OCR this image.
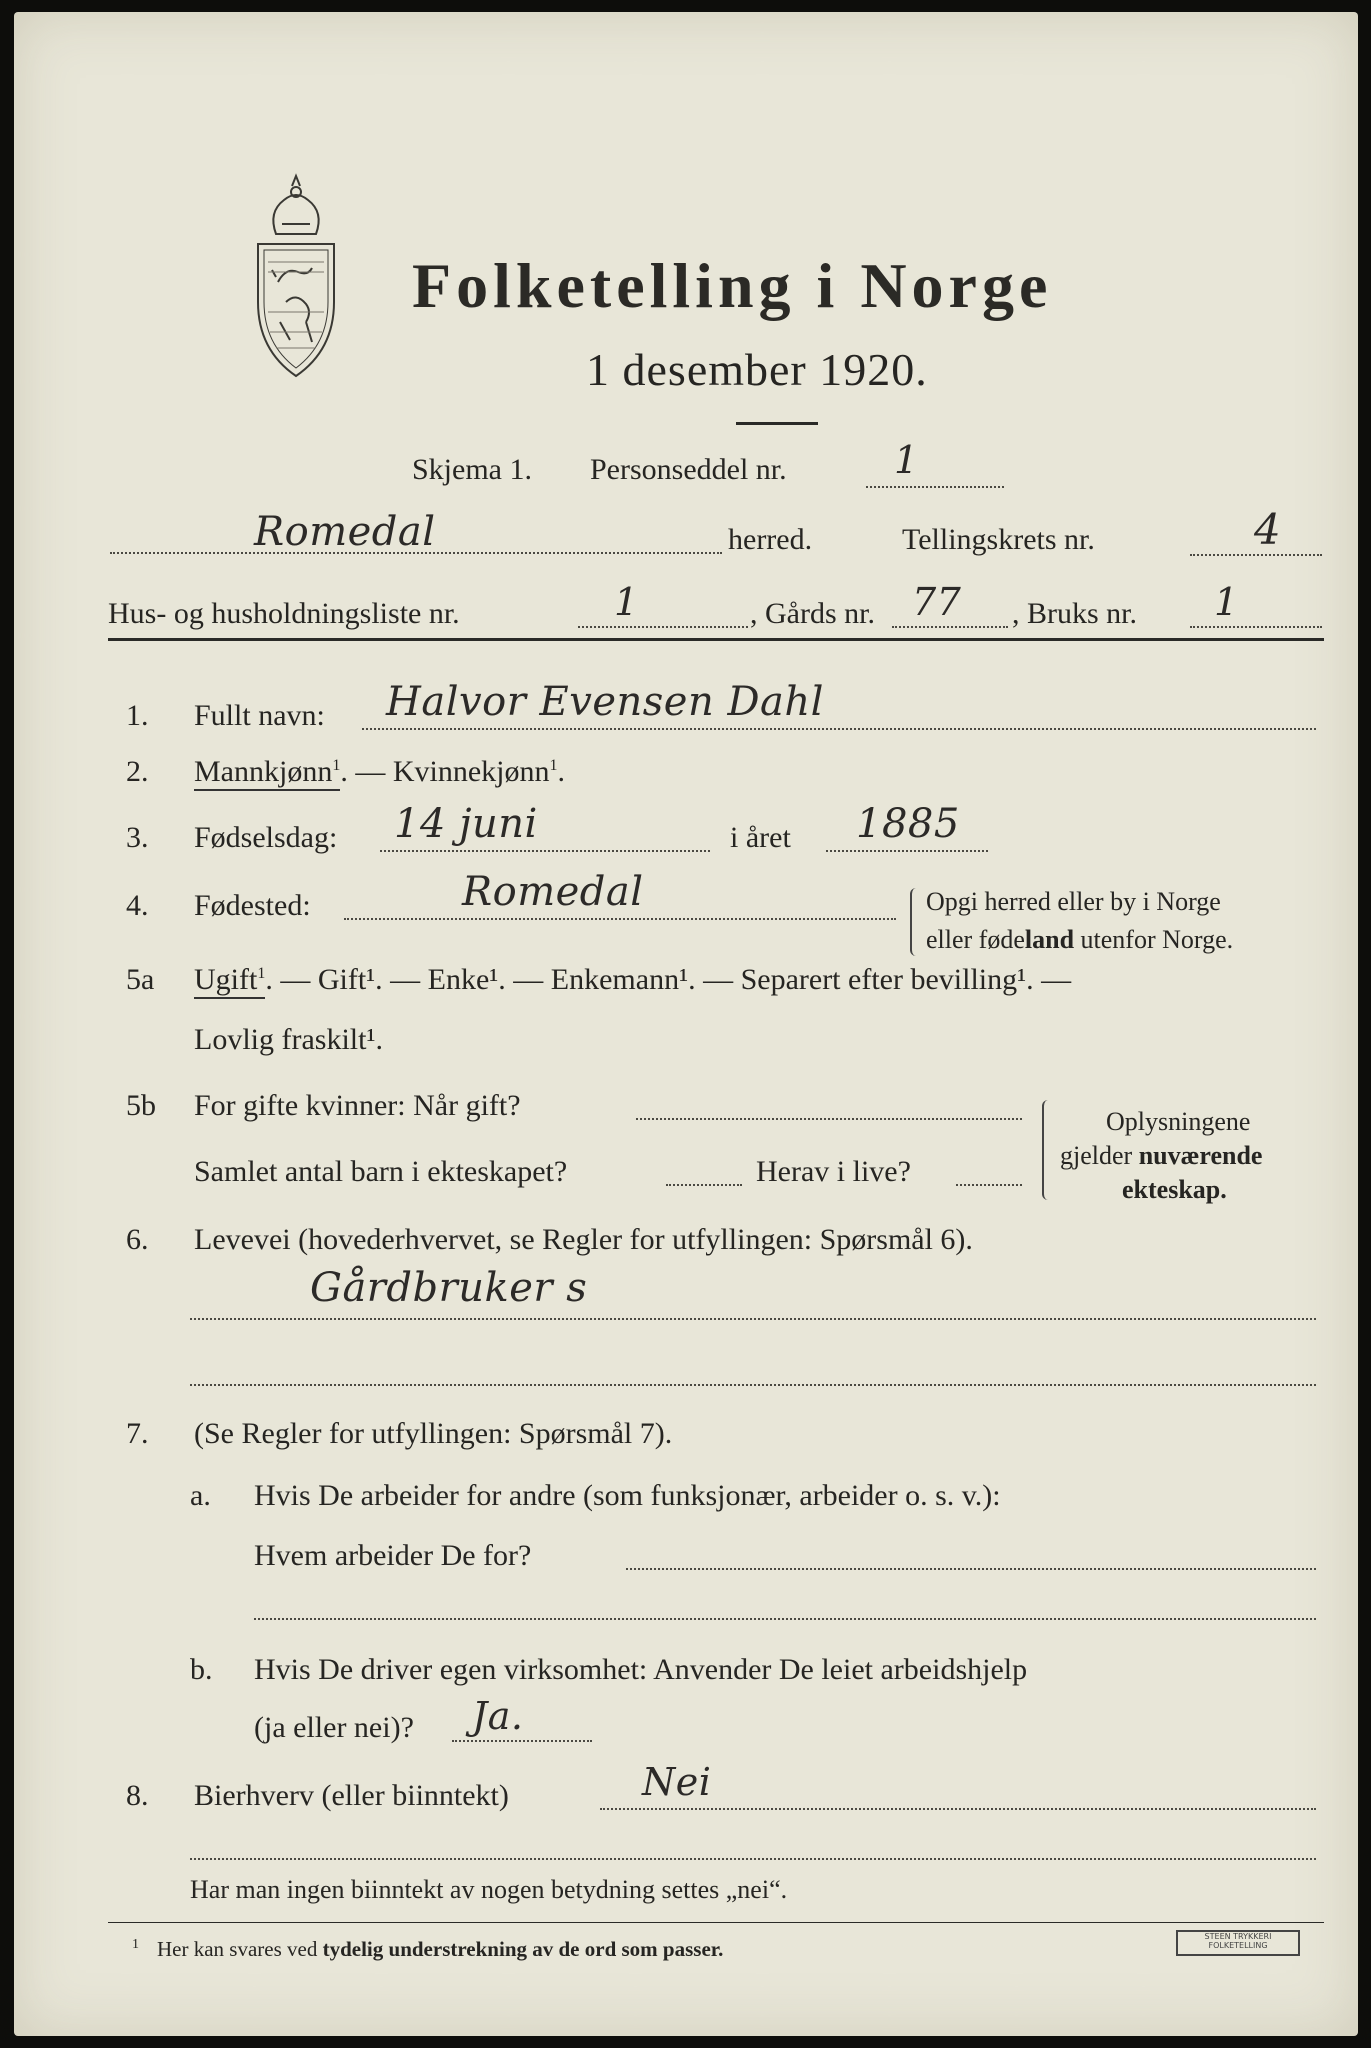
Folketelling i Norge
1 desember 1920.
Skjema 1. Personseddel nr.	1
Romedal	herred.	Tellingskrets nr.	4
Hus- og husholdningsliste nr.	1	, Gårds nr. 77 , Bruks nr. 1
1. Fullt navn: Halvor Evensen Dahl
2. Mannkjønn$^1$. — Kvinnekjønn$^1$.
3. Fødselsdag: 14 juni	i året 1885
4. Fødested:	Romedal	Opgi herred eller by i Norge
eller fødeland utenfor Norge.
5a Ugift$^1$. — Gift¹. — Enke¹. — Enkemann¹. — Separert efter bevilling¹. —
Lovlig fraskilt¹.
5b For gifte kvinner: Når gift?
Samlet antal barn i ekteskapet?	Herav i live?
Oplysningene
gjelder nuværende
ekteskap.
6. Levevei (hovederhvervet, se Regler for utfyllingen: Spørsmål 6).
Gårdbruker s
7. (Se Regler for utfyllingen: Spørsmål 7).
a. Hvis De arbeider for andre (som funksjonær, arbeider o. s. v.):
Hvem arbeider De for?
b. Hvis De driver egen virksomhet: Anvender De leiet arbeidshjelp
(ja eller nei)? Ja.
8. Bierhverv (eller biinntekt)	Nei
Har man ingen biinntekt av nogen betydning settes „nei“.
$^1$ Her kan svares ved tydelig understrekning av de ord som passer.
STEEN TRYKKERI
FOLKETELLING
